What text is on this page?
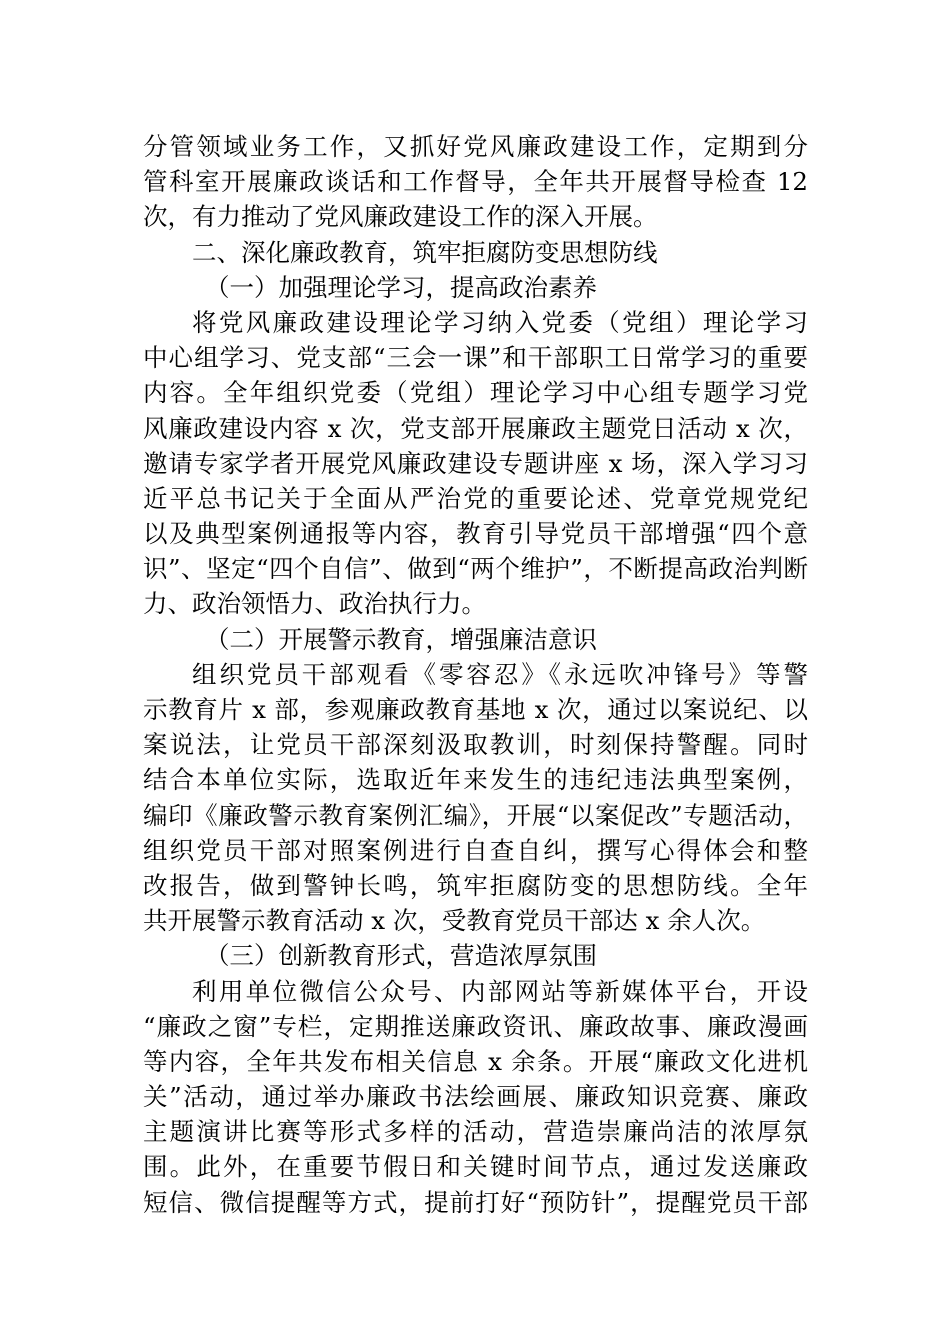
分管领域业务工作，又抓好党风廉政建设工作，定期到分
管科室开展廉政谈话和工作督导，全年共开展督导检查 12
次，有力推动了党风廉政建设工作的深入开展。
二、深化廉政教育，筑牢拒腐防变思想防线
（一）加强理论学习，提高政治素养
将党风廉政建设理论学习纳入党委（党组）理论学习
中心组学习、党支部“三会一课”和干部职工日常学习的重要
内容。全年组织党委（党组）理论学习中心组专题学习党
风廉政建设内容 x 次，党支部开展廉政主题党日活动 x 次，
邀请专家学者开展党风廉政建设专题讲座 x 场，深入学习习
近平总书记关于全面从严治党的重要论述、党章党规党纪
以及典型案例通报等内容，教育引导党员干部增强“四个意
识”、坚定“四个自信”、做到“两个维护”，不断提高政治判断
力、政治领悟力、政治执行力。
（二）开展警示教育，增强廉洁意识
组织党员干部观看《零容忍》《永远吹冲锋号》等警
示教育片 x 部，参观廉政教育基地 x 次，通过以案说纪、以
案说法，让党员干部深刻汲取教训，时刻保持警醒。同时
结合本单位实际，选取近年来发生的违纪违法典型案例，
编印《廉政警示教育案例汇编》，开展“以案促改”专题活动，
组织党员干部对照案例进行自查自纠，撰写心得体会和整
改报告，做到警钟长鸣，筑牢拒腐防变的思想防线。全年
共开展警示教育活动 x 次，受教育党员干部达 x 余人次。
（三）创新教育形式，营造浓厚氛围
利用单位微信公众号、内部网站等新媒体平台，开设
“廉政之窗”专栏，定期推送廉政资讯、廉政故事、廉政漫画
等内容，全年共发布相关信息 x 余条。开展“廉政文化进机
关”活动，通过举办廉政书法绘画展、廉政知识竞赛、廉政
主题演讲比赛等形式多样的活动，营造崇廉尚洁的浓厚氛
围。此外，在重要节假日和关键时间节点，通过发送廉政
短信、微信提醒等方式，提前打好“预防针”，提醒党员干部
